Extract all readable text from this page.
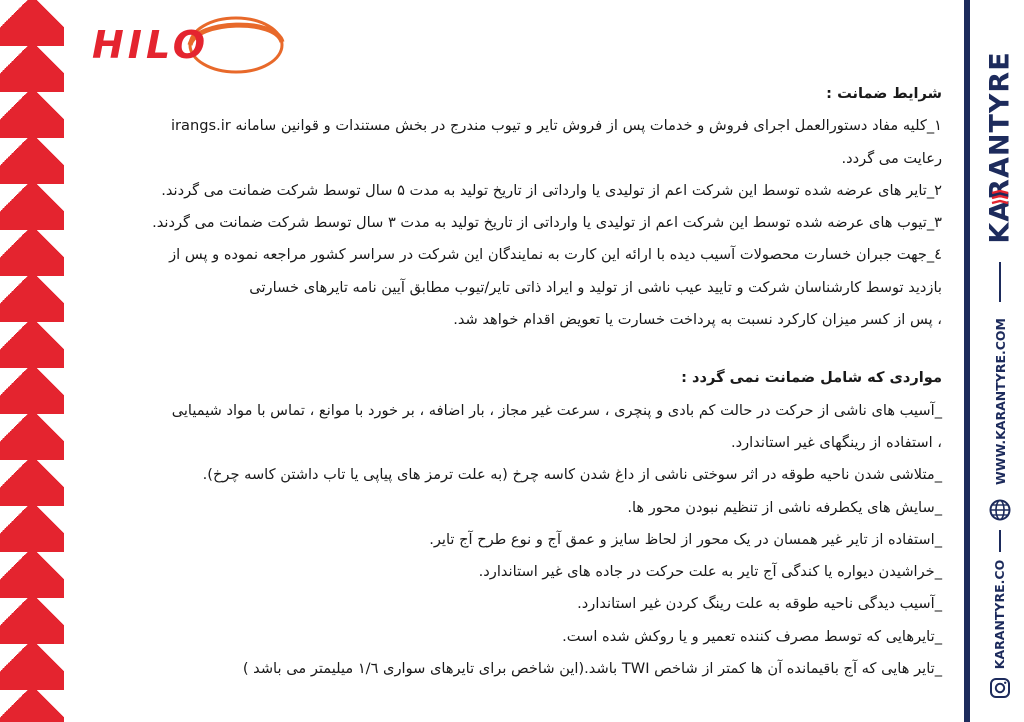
HILO

شرایط ضمانت :

۱_کلیه مفاد دستورالعمل اجرای فروش و خدمات پس از فروش تایر و تیوب مندرج در بخش مستندات و قوانین سامانه irangs.ir

رعایت می گردد.

۲_تایر های عرضه شده توسط این شرکت اعم از تولیدی یا وارداتی از تاریخ تولید به مدت ۵ سال توسط شرکت ضمانت می گردند.

۳_تیوب های عرضه شده توسط این شرکت اعم از تولیدی یا وارداتی از تاریخ تولید به مدت ۳ سال توسط شرکت ضمانت می گردند.

٤_جهت جبران خسارت محصولات آسیب دیده با ارائه این کارت به نمایندگان این شرکت در سراسر کشور مراجعه نموده و پس از

بازدید توسط کارشناسان شرکت و تایید عیب ناشی از تولید و ایراد ذاتی تایر/تیوب مطابق آیین نامه تایرهای خسارتی

، پس از کسر میزان کارکرد نسبت به پرداخت خسارت یا تعویض اقدام خواهد شد.

مواردی که شامل ضمانت نمی گردد :

_آسیب های ناشی از حرکت در حالت کم بادی و پنچری ، سرعت غیر مجاز ، بار اضافه ، بر خورد با موانع ، تماس با مواد شیمیایی

، استفاده از رینگهای غیر استاندارد.

_متلاشی شدن ناحیه طوقه در اثر سوختی ناشی از داغ شدن کاسه چرخ (به علت ترمز های پیاپی یا تاب داشتن کاسه چرخ).

_سایش های یکطرفه ناشی از تنظیم نبودن محور ها.

_استفاده از تایر غیر همسان در یک محور از لحاظ سایز و عمق آج و نوع طرح آج تایر.

_خراشیدن دیواره یا کندگی آج تایر به علت حرکت در جاده های غیر استاندارد.

_آسیب دیدگی ناحیه طوقه به علت رینگ کردن غیر استاندارد.

_تایرهایی که توسط مصرف کننده تعمیر و یا روکش شده است.

_تایر هایی که آج باقیمانده آن ها کمتر از شاخص TWI باشد.(این شاخص برای تایرهای سواری ۱/٦ میلیمتر می باشد )

KARANTYRE
WWW.KARANTYRE.COM
KARANTYRE.CO
